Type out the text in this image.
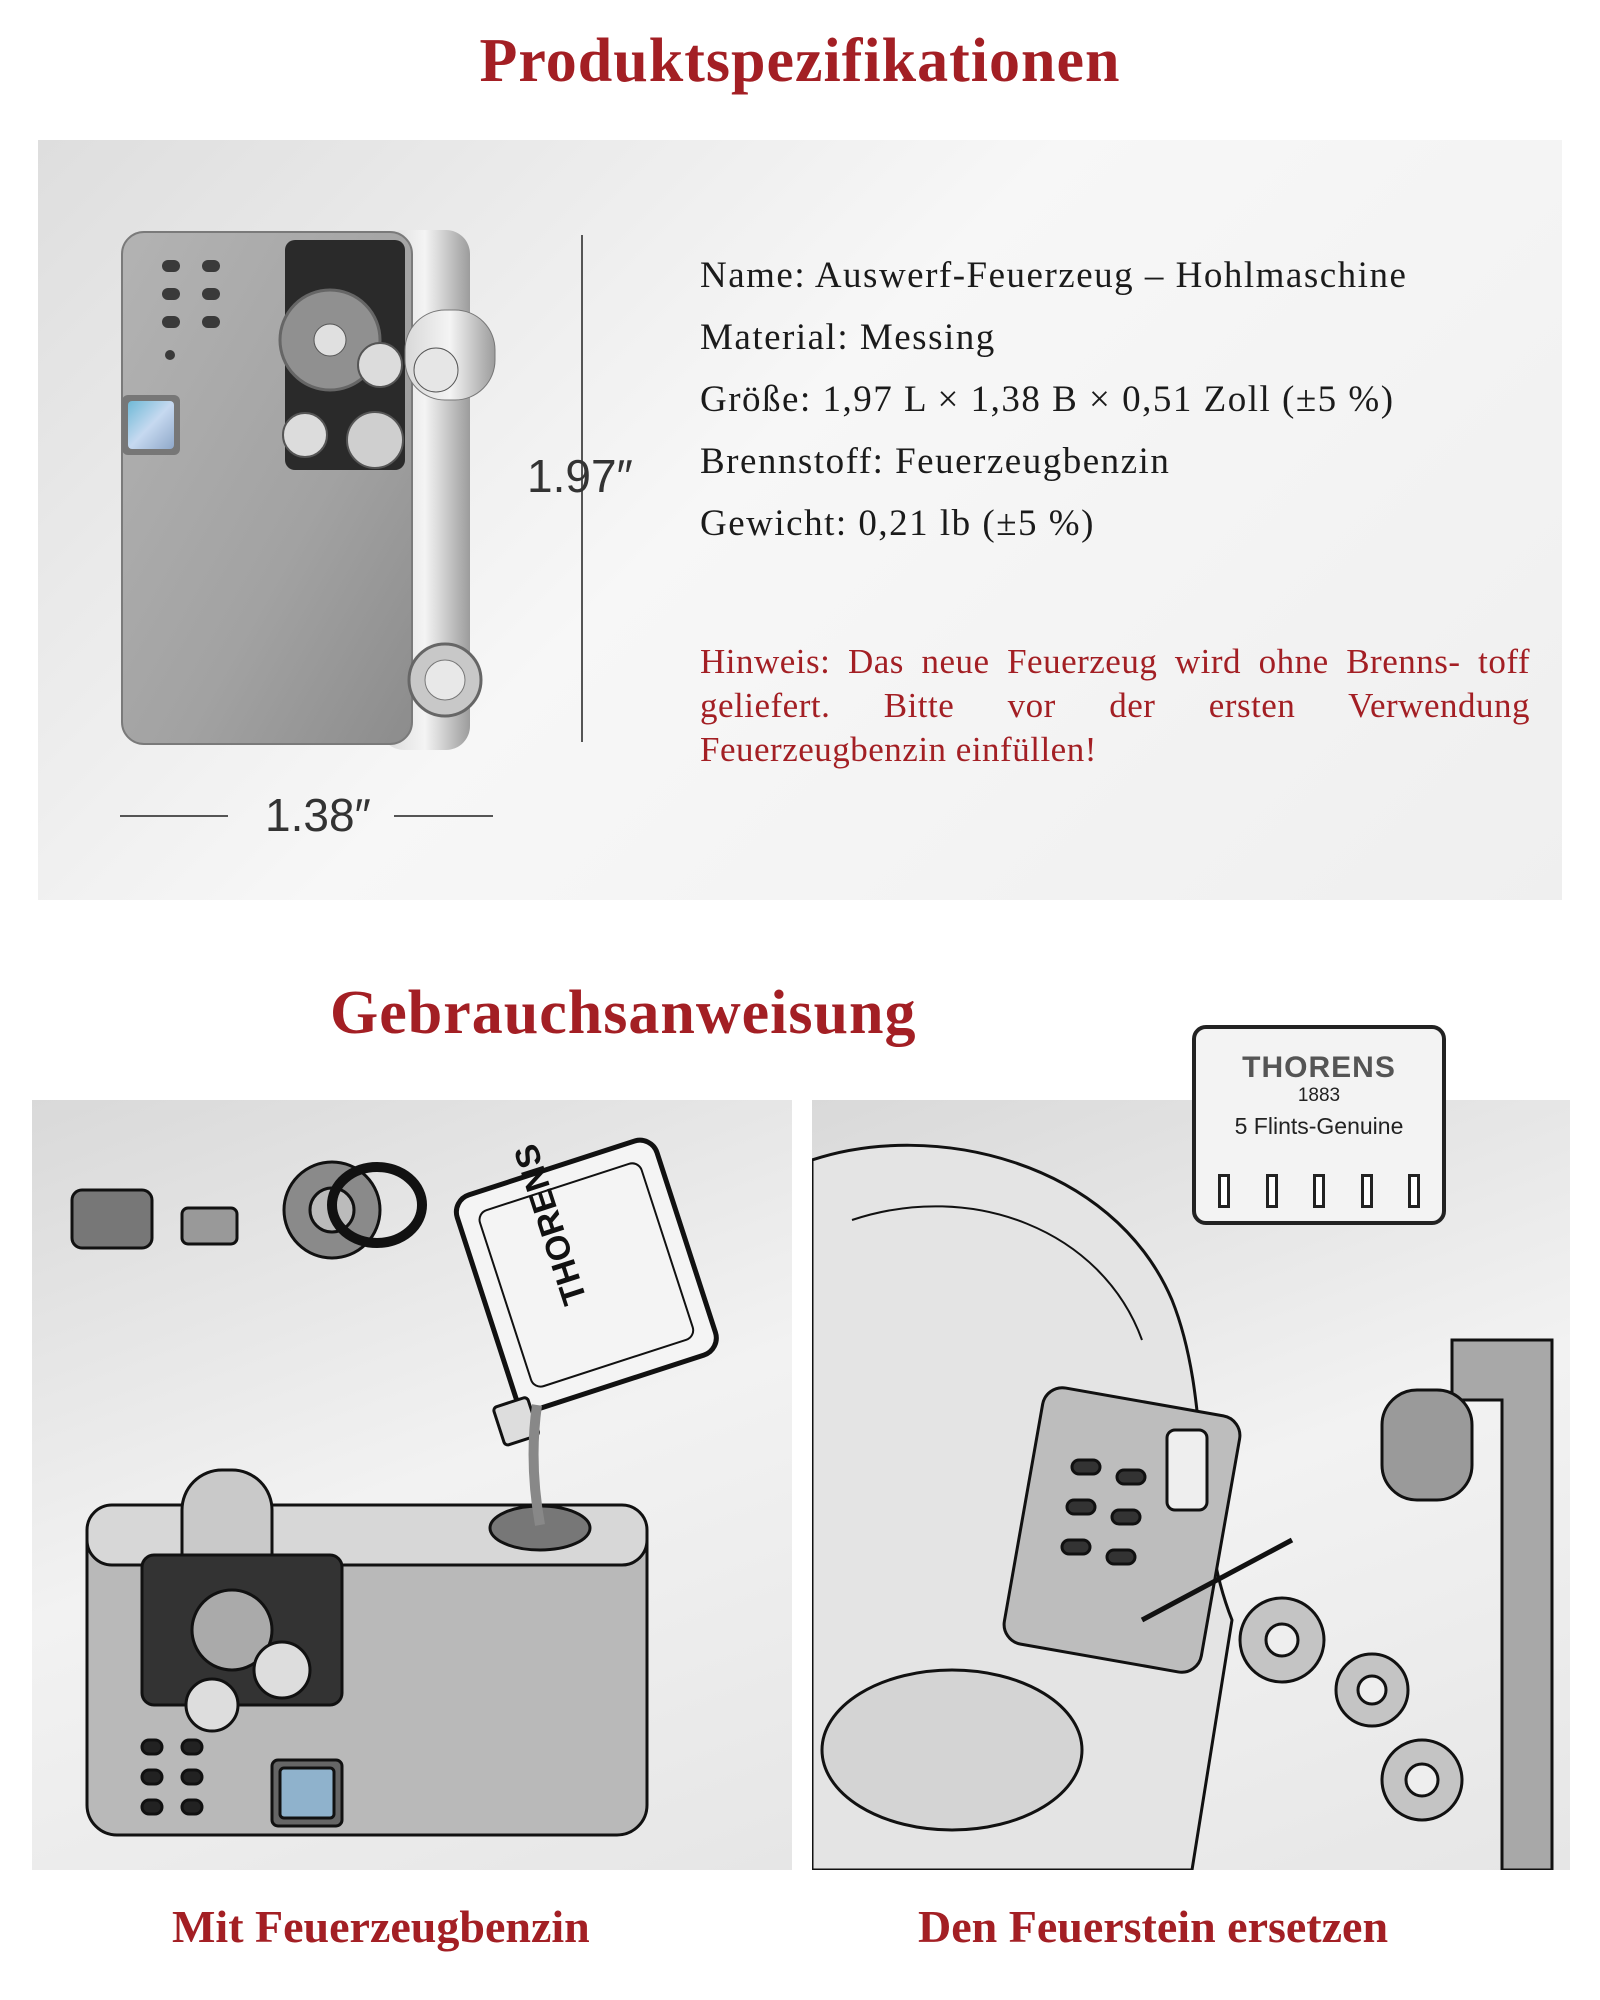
Produktspezifikationen
1.97″
1.38″
Name: Auswerf-Feuerzeug – Hohlmaschine
Material: Messing
Größe: 1,97 L × 1,38 B × 0,51 Zoll (±5 %)
Brennstoff: Feuerzeugbenzin
Gewicht: 0,21 lb (±5 %)
Hinweis: Das neue Feuerzeug wird ohne Brenns- toff geliefert. Bitte vor der ersten Verwendung Feuerzeugbenzin einfüllen!
Gebrauchsanweisung
THORENS
THORENS
1883
5 Flints-Genuine
Mit Feuerzeugbenzin	Den Feuerstein ersetzen
